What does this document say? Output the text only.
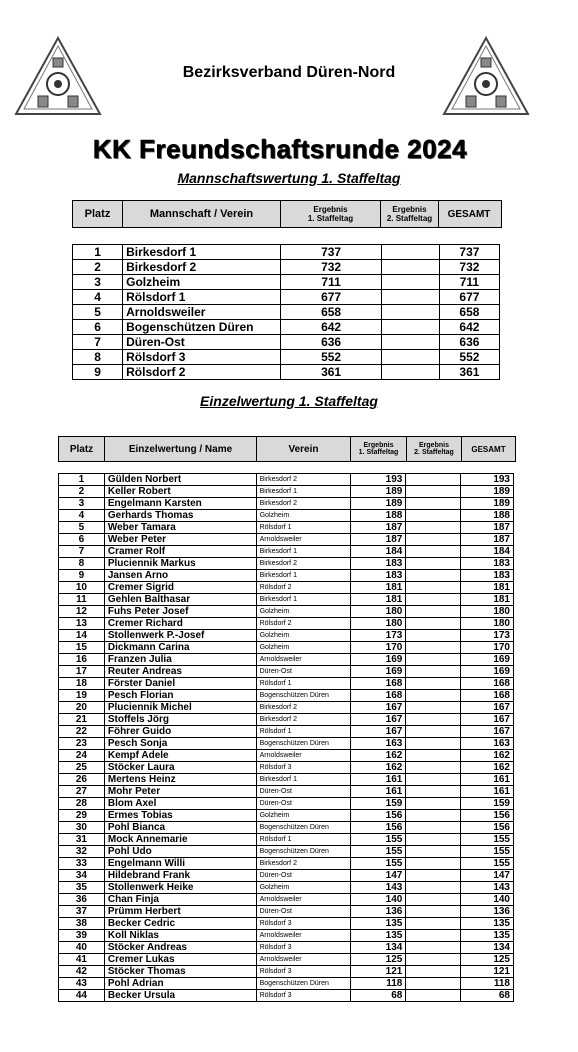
Bezirksverband Düren-Nord
KK Freundschaftsrunde 2024
Mannschaftswertung 1. Staffeltag
Platz	Mannschaft / Verein	Ergebnis
1. Staffeltag
Ergebnis
2. Staffeltag	GESAMT
1	Birkesdorf 1	737		737
2	Birkesdorf 2	732		732
3	Golzheim	711		711
4	Rölsdorf 1	677		677
5	Arnoldsweiler	658		658
6	Bogenschützen Düren	642		642
7	Düren-Ost	636		636
8	Rölsdorf 3	552		552
9	Rölsdorf 2	361		361
Einzelwertung 1. Staffeltag
Platz	Einzelwertung / Name	Verein	Ergebnis
1. Staffeltag
Ergebnis
2. Staffeltag	GESAMT
1	Gülden Norbert	Birkesdorf 2	193		193
2	Keller Robert	Birkesdorf 1	189		189
3	Engelmann Karsten	Birkesdorf 2	189		189
4	Gerhards Thomas	Golzheim	188		188
5	Weber Tamara	Rölsdorf 1	187		187
6	Weber Peter	Arnoldsweiler	187		187
7	Cramer Rolf	Birkesdorf 1	184		184
8	Pluciennik Markus	Birkesdorf 2	183		183
9	Jansen Arno	Birkesdorf 1	183		183
10	Cremer Sigrid	Rölsdorf 2	181		181
11	Gehlen Balthasar	Birkesdorf 1	181		181
12	Fuhs Peter Josef	Golzheim	180		180
13	Cremer Richard	Rölsdorf 2	180		180
14	Stollenwerk P.-Josef	Golzheim	173		173
15	Dickmann Carina	Golzheim	170		170
16	Franzen Julia	Arnoldsweiler	169		169
17	Reuter Andreas	Düren-Ost	169		169
18	Förster Daniel	Rölsdorf 1	168		168
19	Pesch Florian	Bogenschützen Düren	168		168
20	Pluciennik Michel	Birkesdorf 2	167		167
21	Stoffels Jörg	Birkesdorf 2	167		167
22	Föhrer Guido	Rölsdorf 1	167		167
23	Pesch Sonja	Bogenschützen Düren	163		163
24	Kempf Adele	Arnoldsweiler	162		162
25	Stöcker Laura	Rölsdorf 3	162		162
26	Mertens Heinz	Birkesdorf 1	161		161
27	Mohr Peter	Düren-Ost	161		161
28	Blom Axel	Düren-Ost	159		159
29	Ermes Tobias	Golzheim	156		156
30	Pohl Bianca	Bogenschützen Düren	156		156
31	Mock Annemarie	Rölsdorf 1	155		155
32	Pohl Udo	Bogenschützen Düren	155		155
33	Engelmann Willi	Birkesdorf 2	155		155
34	Hildebrand Frank	Düren-Ost	147		147
35	Stollenwerk Heike	Golzheim	143		143
36	Chan Finja	Arnoldsweiler	140		140
37	Prümm Herbert	Düren-Ost	136		136
38	Becker Cedric	Rölsdorf 3	135		135
39	Koll Niklas	Arnoldsweiler	135		135
40	Stöcker Andreas	Rölsdorf 3	134		134
41	Cremer Lukas	Arnoldsweiler	125		125
42	Stöcker Thomas	Rölsdorf 3	121		121
43	Pohl Adrian	Bogenschützen Düren	118		118
44	Becker Ursula	Rölsdorf 3	68		68
